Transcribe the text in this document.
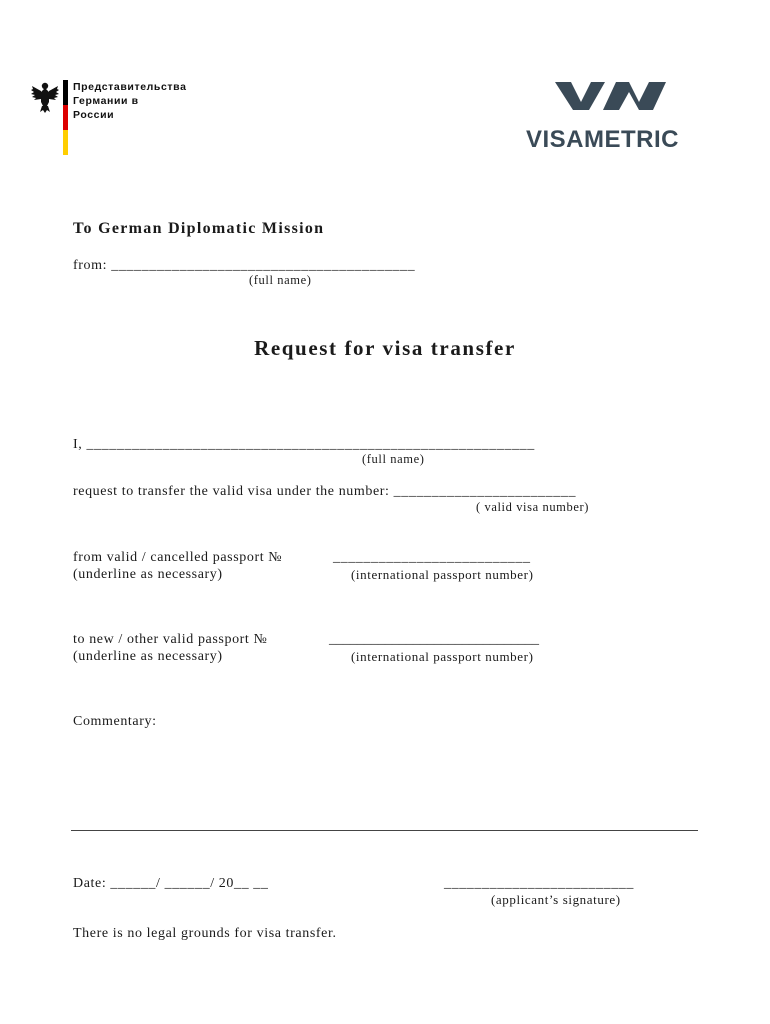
Представительства
Германии в
России
VISAMETRIC
To German Diplomatic Mission
from: ________________________________________
(full name)
Request for visa transfer
I, ___________________________________________________________
(full name)
request to transfer the valid visa under the number: ________________________
( valid visa number)
from valid / cancelled passport №
(underline as necessary)
__________________________
(international passport number)
to new / other valid passport №
(underline as necessary)
______________________________
(international passport number)
Commentary:
Date: ______/ ______/ 20__ __	_________________________
(applicant’s signature)
There is no legal grounds for visa transfer.
